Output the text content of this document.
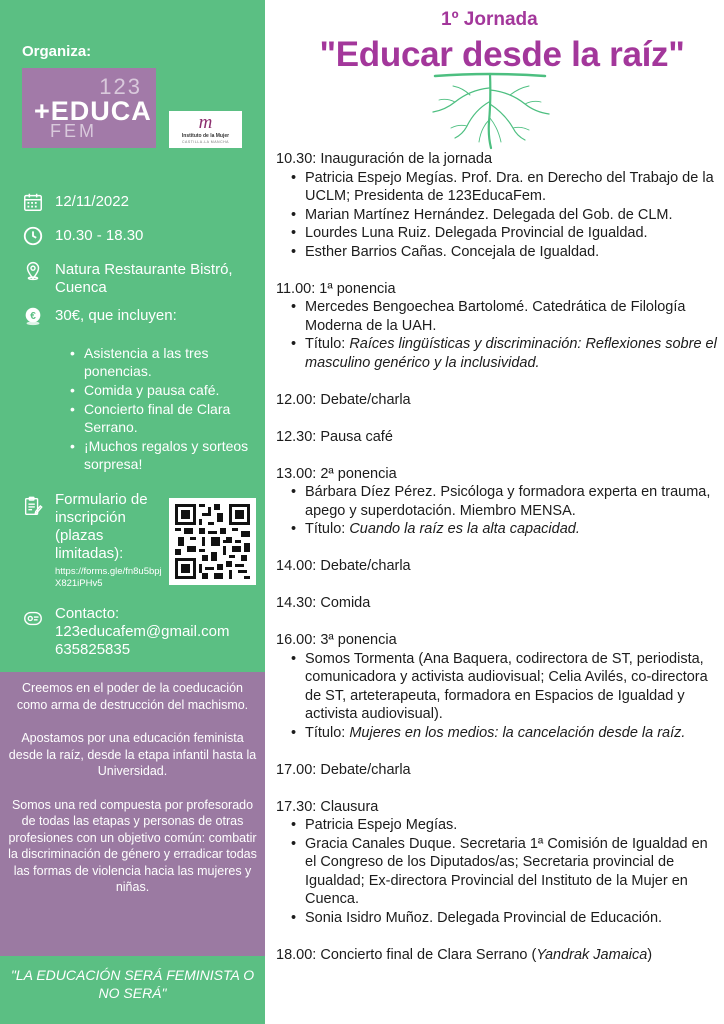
Organiza:
123
+EDUCA
FEM	m
Instituto de la Mujer
CASTILLA-LA MANCHA
12/11/2022
10.30 - 18.30
Natura Restaurante Bistró, Cuenca
€ 30€, que incluyen:
• Asistencia a las tres ponencias.
• Comida y pausa café.
• Concierto final de Clara Serrano.
• ¡Muchos regalos y sorteos sorpresa!
Formulario de inscripción (plazas limitadas):
https://forms.gle/fn8u5bpjX821iPHv5
Contacto:
123educafem@gmail.com
635825835

Creemos en el poder de la coeducación como arma de destrucción del machismo.

Apostamos por una educación feminista desde la raíz, desde la etapa infantil hasta la Universidad.

Somos una red compuesta por profesorado de todas las etapas y personas de otras profesiones con un objetivo común: combatir la discriminación de género y erradicar todas las formas de violencia hacia las mujeres y niñas.

"LA EDUCACIÓN SERÁ FEMINISTA O NO SERÁ"
1º Jornada
"Educar desde la raíz"
10.30: Inauguración de la jornada
• Patricia Espejo Megías. Prof. Dra. en Derecho del Trabajo de la UCLM; Presidenta de 123EducaFem.
• Marian Martínez Hernández. Delegada del Gob. de CLM.
• Lourdes Luna Ruiz. Delegada Provincial de Igualdad.
• Esther Barrios Cañas. Concejala de Igualdad.
11.00: 1ª ponencia
• Mercedes Bengoechea Bartolomé. Catedrática de Filología Moderna de la UAH.
• Título: Raíces lingüísticas y discriminación: Reflexiones sobre el masculino genérico y la inclusividad.
12.00: Debate/charla
12.30: Pausa café
13.00: 2ª ponencia
• Bárbara Díez Pérez. Psicóloga y formadora experta en trauma, apego y superdotación. Miembro MENSA.
• Título: Cuando la raíz es la alta capacidad.
14.00: Debate/charla
14.30: Comida
16.00: 3ª ponencia
• Somos Tormenta (Ana Baquera, codirectora de ST, periodista, comunicadora y activista audiovisual; Celia Avilés, co-directora de ST, arteterapeuta, formadora en Espacios de Igualdad y activista audiovisual).
• Título: Mujeres en los medios: la cancelación desde la raíz.
17.00: Debate/charla
17.30: Clausura
• Patricia Espejo Megías.
• Gracia Canales Duque. Secretaria 1ª Comisión de Igualdad en el Congreso de los Diputados/as; Secretaria provincial de Igualdad; Ex-directora Provincial del Instituto de la Mujer en Cuenca.
• Sonia Isidro Muñoz. Delegada Provincial de Educación.
18.00: Concierto final de Clara Serrano (Yandrak Jamaica)
